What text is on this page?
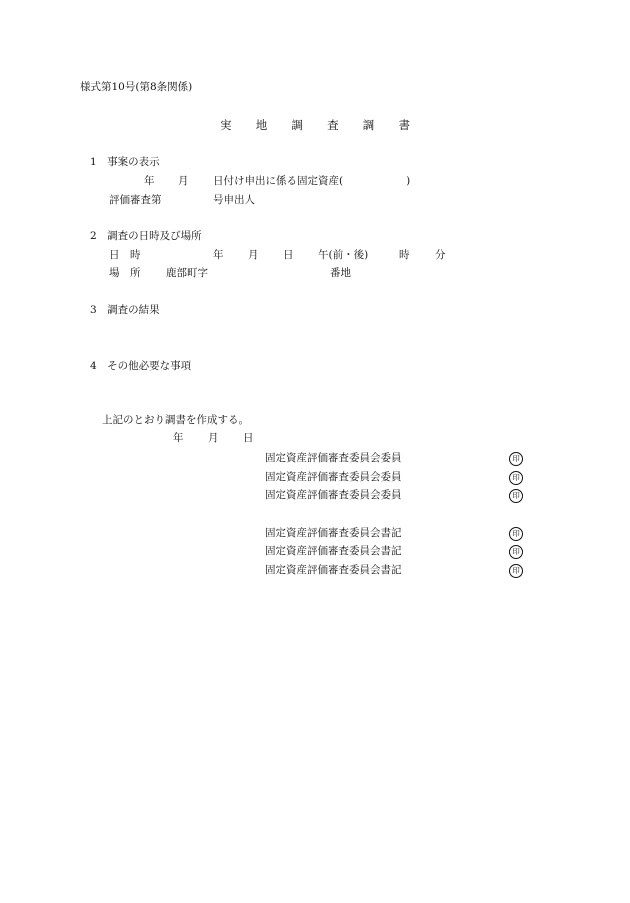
様式第10号(第8条関係)
実 地 調 査 調 書
1　事案の表示
年 月 日付け申出に係る固定資産(　　　　　　)
評価審査第	号申出人
2　調査の日時及び場所
日　時	年 月 日 午(前・後)	時 分
場　所 鹿部町字	番地
3　調査の結果
4　その他必要な事項
上記のとおり調書を作成する。
年 月 日
固定資産評価審査委員会委員	印
固定資産評価審査委員会委員	印
固定資産評価審査委員会委員	印
固定資産評価審査委員会書記	印
固定資産評価審査委員会書記	印
固定資産評価審査委員会書記	印
